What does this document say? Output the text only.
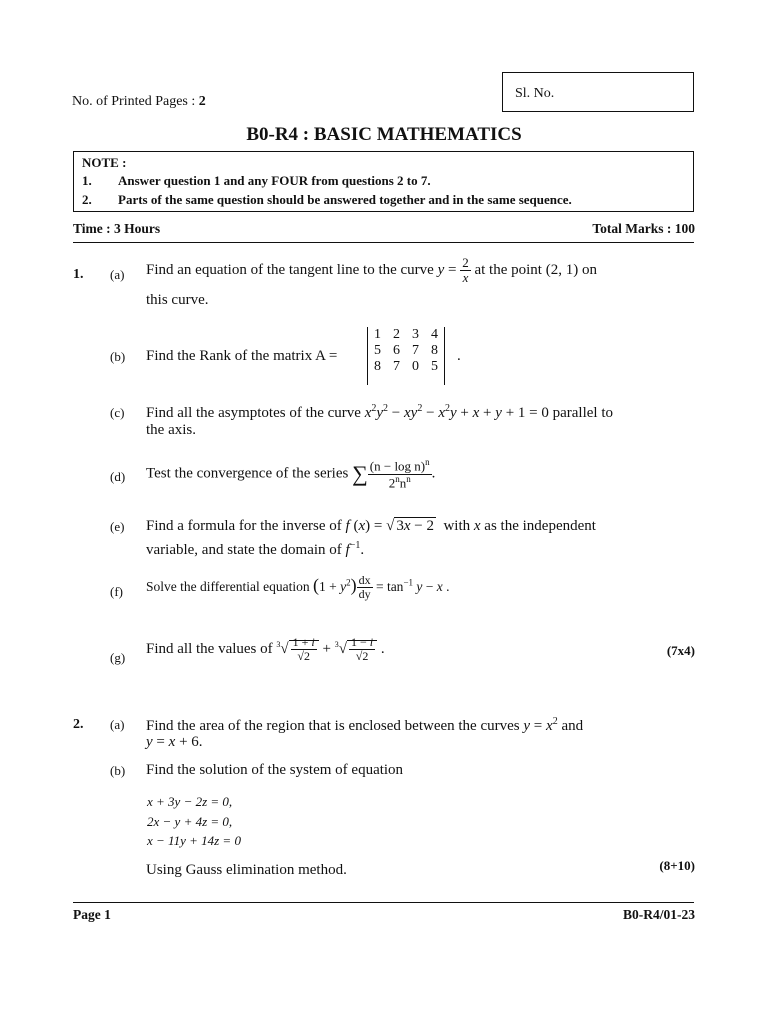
No. of Printed Pages : 2
Sl. No.
B0-R4 : BASIC MATHEMATICS
NOTE :
1. Answer question 1 and any FOUR from questions 2 to 7.
2. Parts of the same question should be answered together and in the same sequence.
Time : 3 Hours	Total Marks : 100
1. (a) Find an equation of the tangent line to the curve $y = \frac{2}{x}$ at the point (2, 1) on
this curve.
(b) Find the Rank of the matrix A =
1	2	3	4
5	6	7	8
8	7	0	5
.
(c) Find all the asymptotes of the curve $x^2y^2 - xy^2 - x^2y + x + y + 1 = 0$ parallel to
the axis.
(d) Test the convergence of the series ∑ $\frac{(n - \log n)^n}{2^nn^n}$ .
(e) Find a formula for the inverse of f (x) = √ 3x − 2 with x as the independent
variable, and state the domain of $f^{-1}$.
(f) Solve the differential equation $(1 + y^2) \frac{dx}{dy} = \tan^{-1} y - x$ .
(g)
Find all the values of $^3√ \frac{1 + i}{√2} + ^3√ \frac{1 - i}{√2}$ .	(7x4)
2. (a) Find the area of the region that is enclosed between the curves $y = x^2$ and
y = x + 6.
(b) Find the solution of the system of equation
x + 3y − 2z = 0,
2x − y + 4z = 0,
x − 11y + 14z = 0
Using Gauss elimination method.	(8+10)
Page 1	B0-R4/01-23
